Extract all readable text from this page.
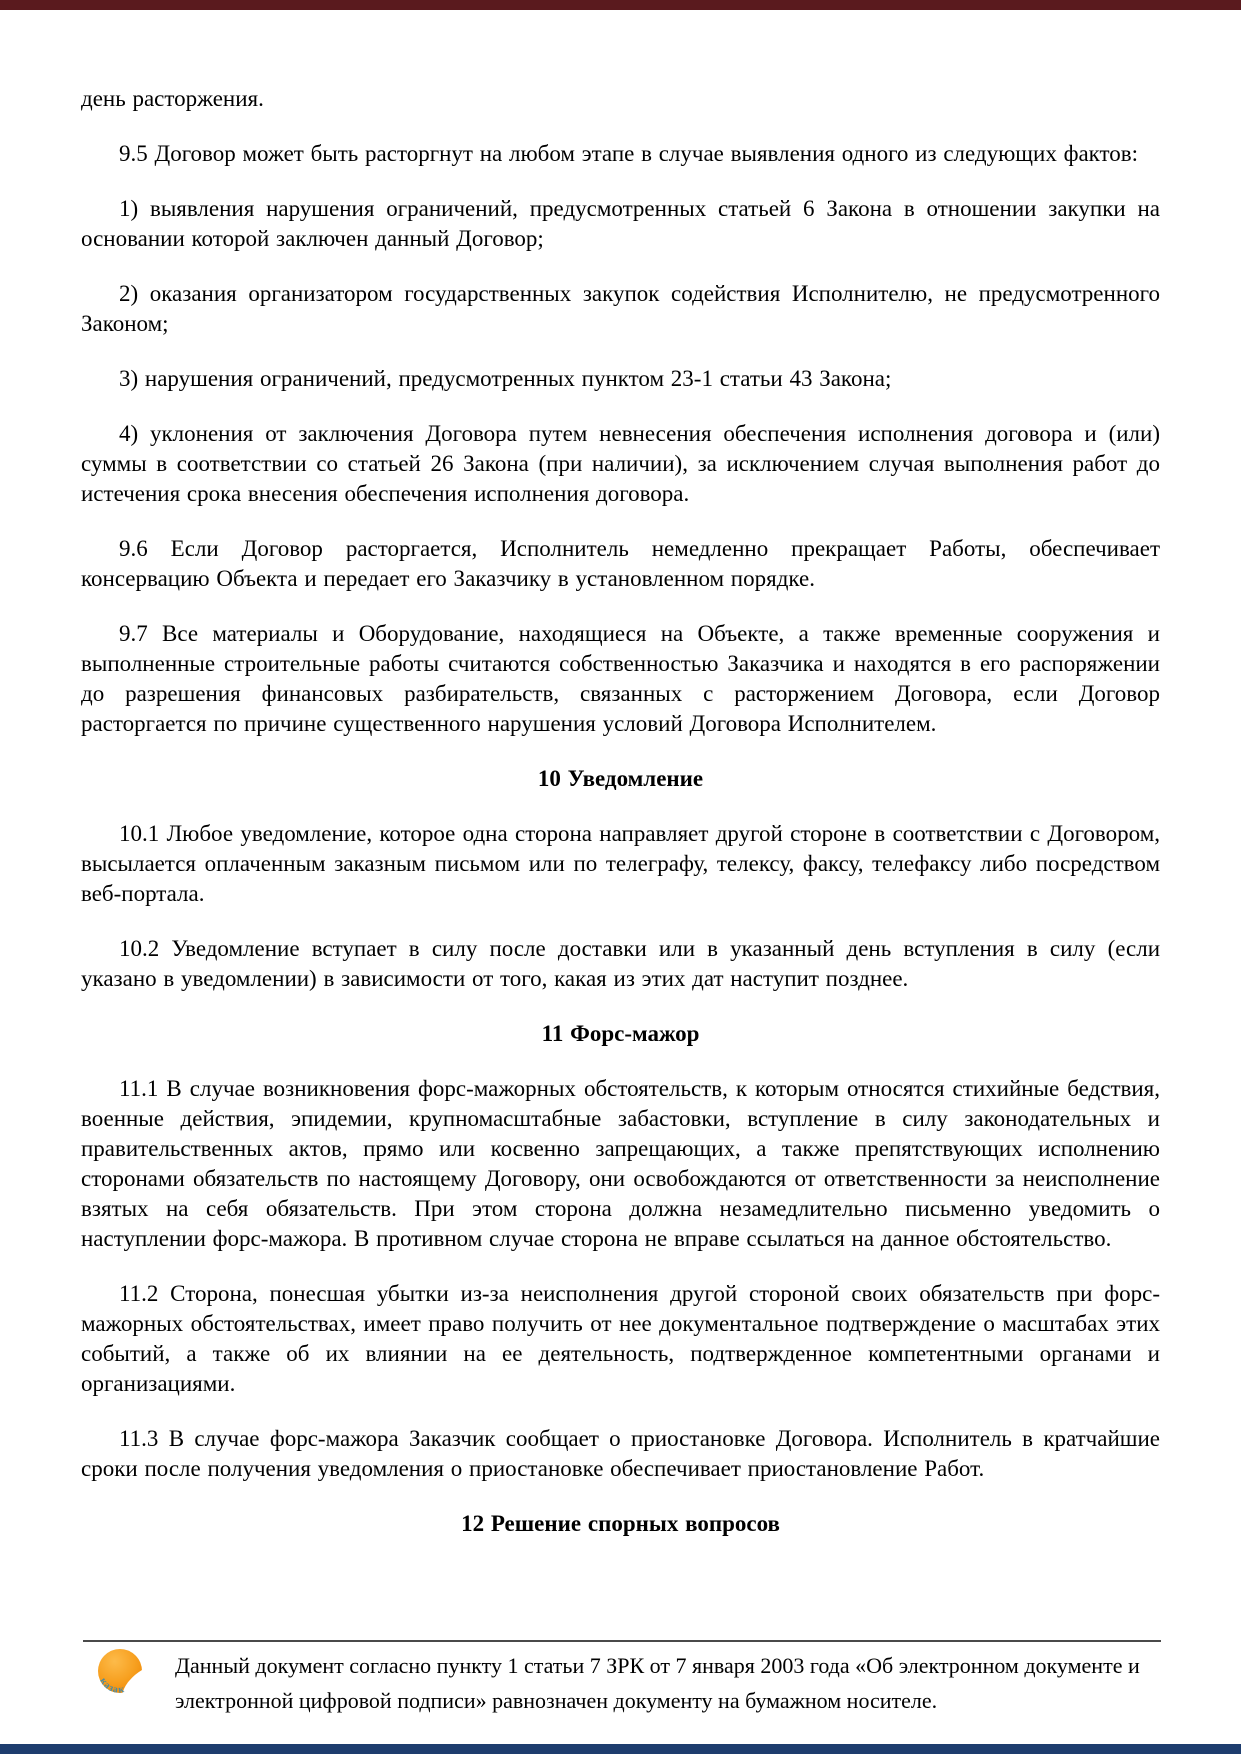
день расторжения.

9.5 Договор может быть расторгнут на любом этапе в случае выявления одного из следующих фактов:

1) выявления нарушения ограничений, предусмотренных статьей 6 Закона в отношении закупки на основании которой заключен данный Договор;

2) оказания организатором государственных закупок содействия Исполнителю, не предусмотренного Законом;

3) нарушения ограничений, предусмотренных пунктом 23-1 статьи 43 Закона;

4) уклонения от заключения Договора путем невнесения обеспечения исполнения договора и (или) суммы в соответствии со статьей 26 Закона (при наличии), за исключением случая выполнения работ до истечения срока внесения обеспечения исполнения договора.

9.6 Если Договор расторгается, Исполнитель немедленно прекращает Работы, обеспечивает консервацию Объекта и передает его Заказчику в установленном порядке.

9.7 Все материалы и Оборудование, находящиеся на Объекте, а также временные сооружения и выполненные строительные работы считаются собственностью Заказчика и находятся в его распоряжении до разрешения финансовых разбирательств, связанных с расторжением Договора, если Договор расторгается по причине существенного нарушения условий Договора Исполнителем.

10 Уведомление

10.1 Любое уведомление, которое одна сторона направляет другой стороне в соответствии с Договором, высылается оплаченным заказным письмом или по телеграфу, телексу, факсу, телефаксу либо посредством веб-портала.

10.2 Уведомление вступает в силу после доставки или в указанный день вступления в силу (если указано в уведомлении) в зависимости от того, какая из этих дат наступит позднее.

11 Форс-мажор

11.1 В случае возникновения форс-мажорных обстоятельств, к которым относятся стихийные бедствия, военные действия, эпидемии, крупномасштабные забастовки, вступление в силу законодательных и правительственных актов, прямо или косвенно запрещающих, а также препятствующих исполнению сторонами обязательств по настоящему Договору, они освобождаются от ответственности за неисполнение взятых на себя обязательств. При этом сторона должна незамедлительно письменно уведомить о наступлении форс-мажора. В противном случае сторона не вправе ссылаться на данное обстоятельство.

11.2 Сторона, понесшая убытки из-за неисполнения другой стороной своих обязательств при форс-мажорных обстоятельствах, имеет право получить от нее документальное подтверждение о масштабах этих событий, а также об их влиянии на ее деятельность, подтвержденное компетентными органами и организациями.

11.3 В случае форс-мажора Заказчик сообщает о приостановке Договора. Исполнитель в кратчайшие сроки после получения уведомления о приостановке обеспечивает приостановление Работ.

12 Решение спорных вопросов

казак

Данный документ согласно пункту 1 статьи 7 ЗРК от 7 января 2003 года «Об электронном документе и электронной цифровой подписи» равнозначен документу на бумажном носителе.
